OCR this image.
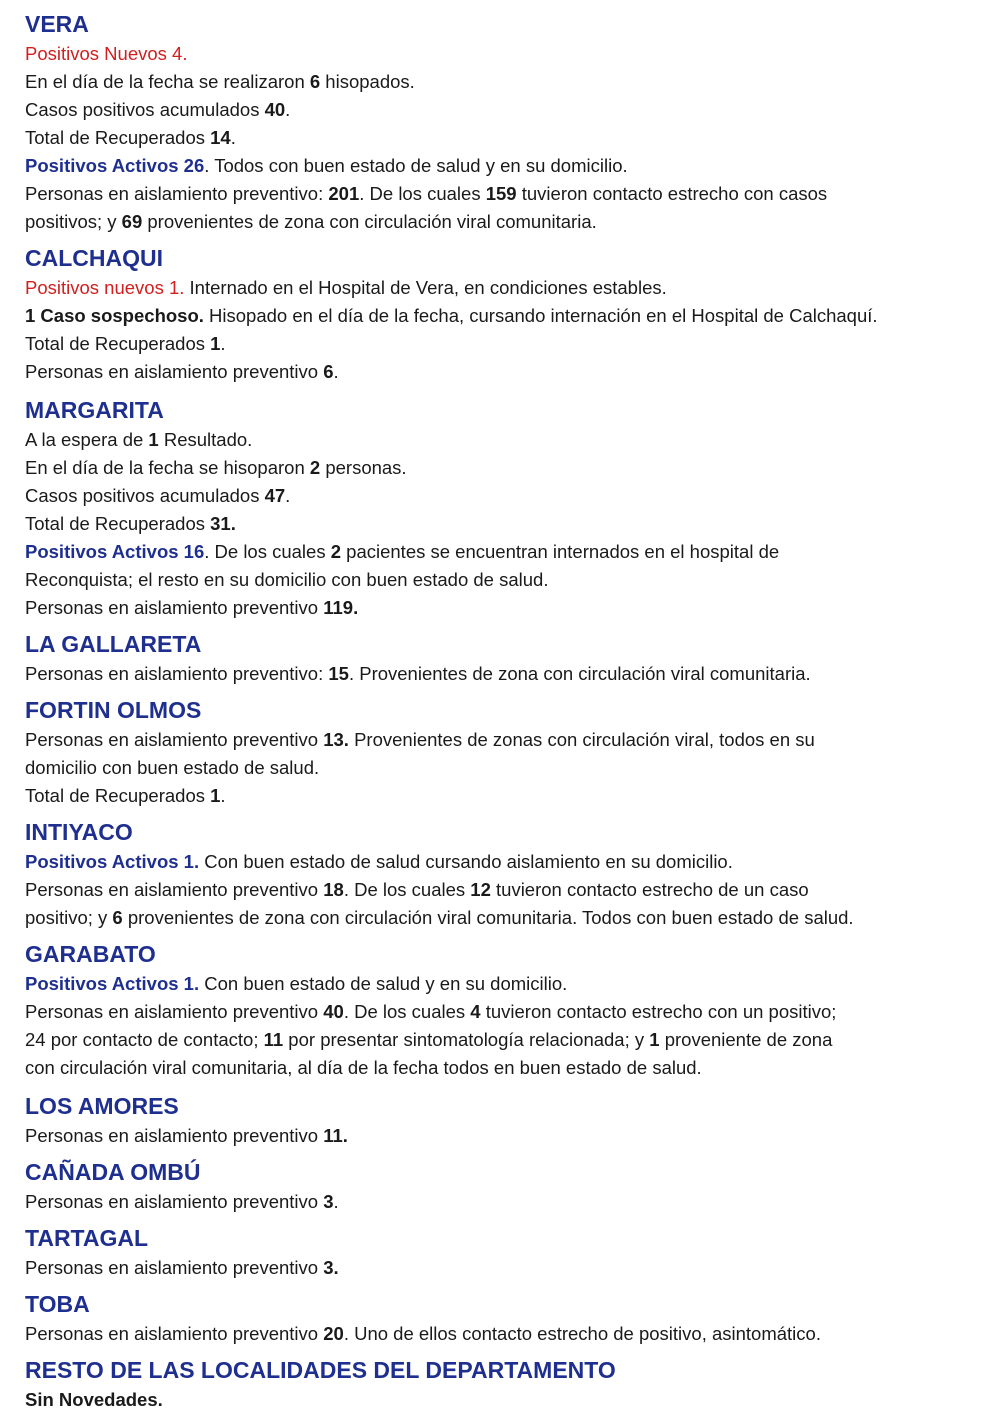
VERA
Positivos Nuevos 4.
En el día de la fecha se realizaron 6 hisopados.
Casos positivos acumulados 40.
Total de Recuperados 14.
Positivos Activos 26. Todos con buen estado de salud y en su domicilio.
Personas en aislamiento preventivo: 201. De los cuales 159 tuvieron contacto estrecho con casos
positivos; y 69 provenientes de zona con circulación viral comunitaria.
CALCHAQUI
Positivos nuevos 1. Internado en el Hospital de Vera, en condiciones estables.
1 Caso sospechoso. Hisopado en el día de la fecha, cursando internación en el Hospital de Calchaquí.
Total de Recuperados 1.
Personas en aislamiento preventivo 6.
MARGARITA
A la espera de 1 Resultado.
En el día de la fecha se hisoparon 2 personas.
Casos positivos acumulados 47.
Total de Recuperados 31.
Positivos Activos 16. De los cuales 2 pacientes se encuentran internados en el hospital de
Reconquista; el resto en su domicilio con buen estado de salud.
Personas en aislamiento preventivo 119.
LA GALLARETA
Personas en aislamiento preventivo: 15. Provenientes de zona con circulación viral comunitaria.
FORTIN OLMOS
Personas en aislamiento preventivo 13. Provenientes de zonas con circulación viral, todos en su
domicilio con buen estado de salud.
Total de Recuperados 1.
INTIYACO
Positivos Activos 1. Con buen estado de salud cursando aislamiento en su domicilio.
Personas en aislamiento preventivo 18. De los cuales 12 tuvieron contacto estrecho de un caso
positivo; y 6 provenientes de zona con circulación viral comunitaria. Todos con buen estado de salud.
GARABATO
Positivos Activos 1. Con buen estado de salud y en su domicilio.
Personas en aislamiento preventivo 40. De los cuales 4 tuvieron contacto estrecho con un positivo;
24 por contacto de contacto; 11 por presentar sintomatología relacionada; y 1 proveniente de zona
con circulación viral comunitaria, al día de la fecha todos en buen estado de salud.
LOS AMORES
Personas en aislamiento preventivo 11.
CAÑADA OMBÚ
Personas en aislamiento preventivo 3.
TARTAGAL
Personas en aislamiento preventivo 3.
TOBA
Personas en aislamiento preventivo 20. Uno de ellos contacto estrecho de positivo, asintomático.
RESTO DE LAS LOCALIDADES DEL DEPARTAMENTO
Sin Novedades.
